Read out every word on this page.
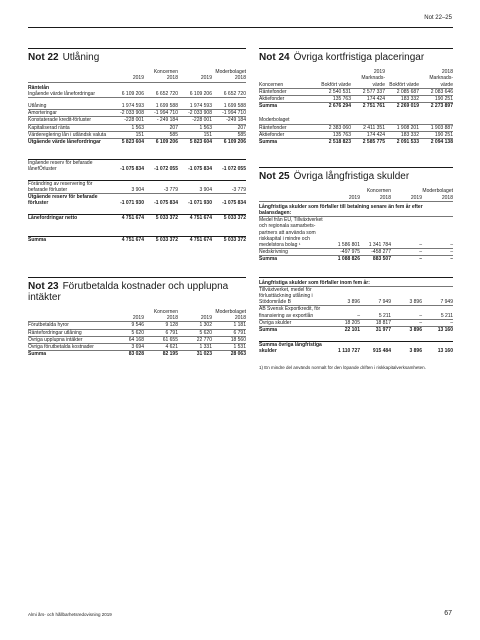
Not 22–25
Not 22 Utlåning
	Koncernen		Moderbolaget	
	2019	2018	2019	2018
Räntelån				
Ingående värde lånefordringar	6 109 206	6 652 720	6 109 206	6 652 720

Utlåning	1 974 593	1 699 588	1 974 593	1 699 588
Amorteringar	-2 033 908	-1 994 710	-2 033 908	-1 994 710
Konstaterade kredit-förluster	-228 001	- 249 184	-228 001	-249 184
Kapitaliserad ränta	1 563	207	1 563	207
Värdereglering lån i utländsk valuta	151	585	151	585
Utgående värde lånefordringar	5 823 604	6 109 206	5 823 604	6 109 206

Ingående reserv för befarade lånefÖrluster	-1 075 834	-1 072 055	-1 075 834	-1 072 055

Förändring av reservering för befarade förluster	3 904	-3 779	3 904	-3 779
Utgående reserv för befarade förluster	-1 071 930	-1 075 834	-1 071 930	-1 075 834

Lånefordringar netto	4 751 674	5 033 372	4 751 674	5 033 372

Summa	4 751 674	5 033 372	4 751 674	5 033 372
Not 23 Förutbetalda kostnader och upplupna intäkter
	Koncernen		Moderbolaget	
	2019	2018	2019	2018
Förutbetalda hyror	9 546	9 128	1 302	1 181
Räntefordringar utlåning	5 620	6 791	5 620	6 791
Övriga upplupna intäkter	64 168	61 655	22 770	18 560
Övriga förutbetalda kostnader	3 694	4 621	1 331	1 531
Summa	83 028	82 195	31 023	28 063
Not 24 Övriga kortfristiga placeringar
	2019		2018	
Koncernen	Bokfört värde	Marknads-värde	Bokfört värde	Marknads-värde
Räntefonder	2 540 531	2 577 337	2 085 687	2 083 646
Aktiefonder	135 763	174 424	183 332	190 251
Summa	2 676 294	2 751 761	2 269 019	2 273 897

Moderbolaget				
Räntefonder	2 383 060	2 411 351	1 908 201	1 903 887
Aktiefonder	135 763	174 424	183 332	190 251
Summa	2 518 823	2 585 775	2 091 533	2 094 138
Not 25 Övriga långfristiga skulder
	Koncernen		Moderbolaget	
	2019	2018	2019	2018
Långfristiga skulder som förfaller till betalning senare än fem år efter balansdagen:				
Medel från EU, Tillväxtverket och regionala samarbets-partners att använda som riskkapital i mindre och medelstora bolag ¹	1 586 801	1 341 784	–	–
Nedskrivning	-497 975	-458 277	–	–
Summa	1 088 826	883 507	–	–

Långfristiga skulder som förfaller inom fem år:				
Tillväxtverket, medel för förlusttäckning utlåning i Stödområde B	3 896	7 949	3 896	7 949
AB Svensk Exportkredit, för finansiering av exportlån	–	5 211	–	5 211
Övriga skulder	18 205	18 817	–	–
Summa	22 101	31 977	3 896	13 160

Summa övriga långfristiga skulder	1 110 727	915 484	3 896	13 160
1) En mindre del används normalt för den löpande driften i riskkapitalverksamheten.
Almi års- och hållbarhetsredovisning 2019	67
